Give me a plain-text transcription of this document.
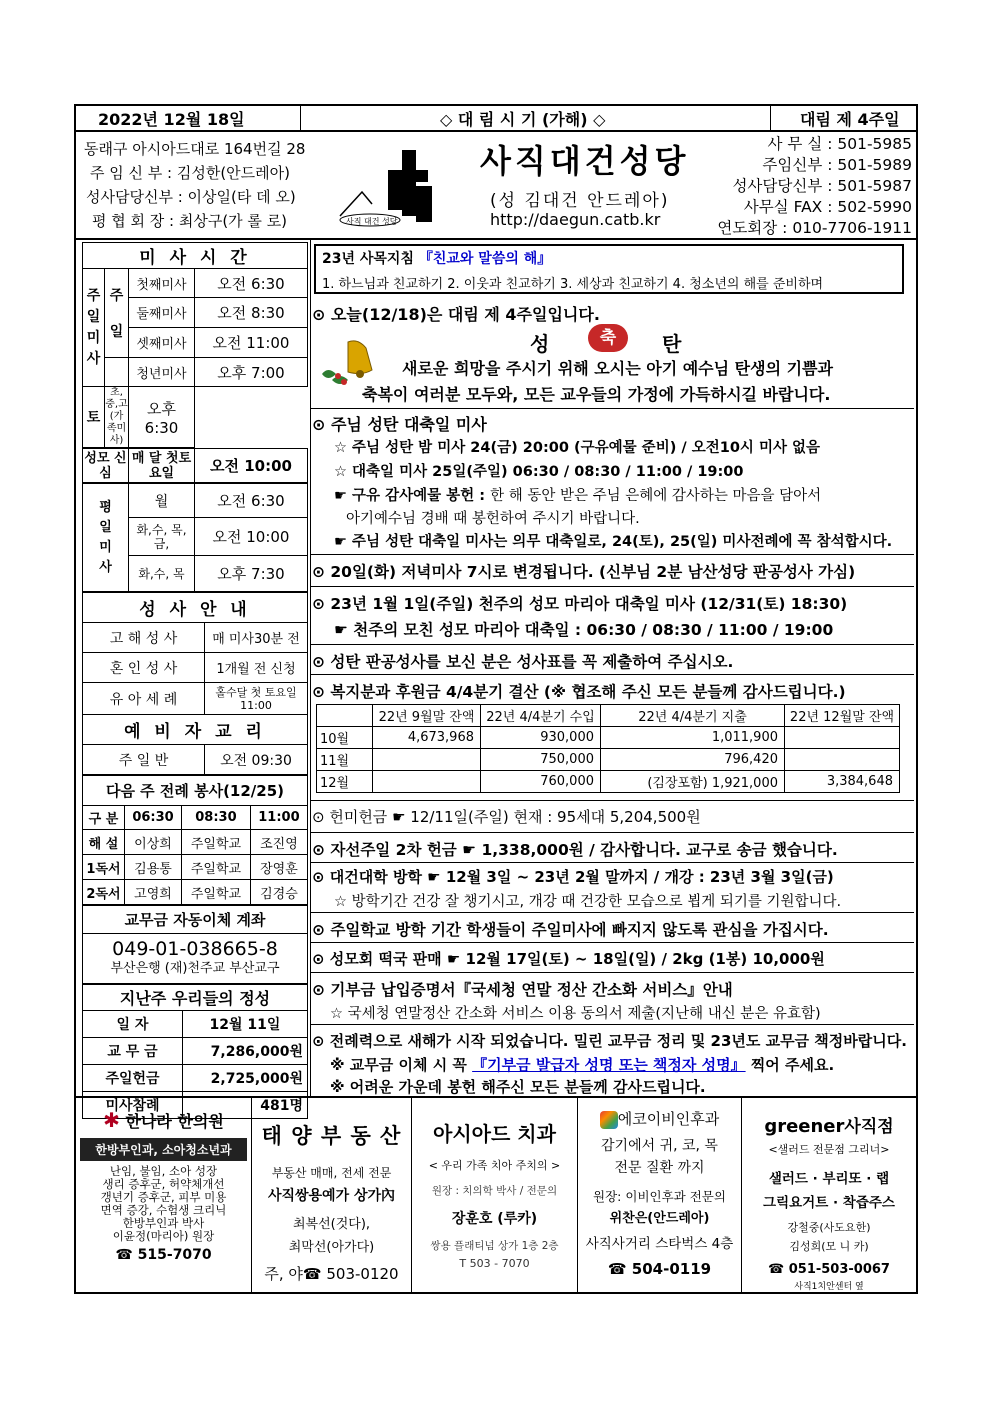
2022년 12월 18일	◇ 대 림 시 기 (가해) ◇	대림 제 4주일
동래구 아시아드대로 164번길 28
주 임 신 부 : 김성한(안드레아)
성사담당신부 : 이상일(타 데 오)
평 협 회 장 : 최상구(가 롤 로)	사직 대건 성당
사직대건성당
(성 김대건 안드레아)
http://daegun.catb.kr
사 무 실 : 501-5985
주임신부 : 501-5989
성사담당신부 : 501-5987
사무실 FAX : 502-5990
연도회장 : 010-7706-1911
미 사 시 간			
주
일
미
사	주

일	첫째미사	오전 6:30
		둘째미사	오전 8:30
		셋째미사	오전 11:00
		청년미사	오후 7:00
토	초,중,고 (가족미사)	오후 6:30	
성모 신심	매 달 첫토요일	오전 10:00
평
일
미
사	월	오전 6:30
	화,수, 목,금,	오전 10:00
	화,수, 목	오후 7:30
성 사 안 내	
고 해 성 사	매 미사30분 전
혼 인 성 사	1개월 전 신청
유 아 세 례	홀수달 첫 토요일 11:00
예 비 자 교 리	
주 일 반	오전 09:30
다음 주 전례 봉사(12/25)			
구 분	06:30	08:30	11:00
해 설	이상희	주일학교	조진영
1독서	김용통	주일학교	장영훈
2독서	고영희	주일학교	김경승
교무금 자동이체 계좌

049-01-038665-8
부산은행 (재)천주교 부산교구
지난주 우리들의 정성	
일 자	12월 11일
교 무 금	7,286,000원
주일헌금	2,725,000원
미사참례	481명
23년 사목지침 『친교와 말씀의 해』
1. 하느님과 친교하기 2. 이웃과 친교하기 3. 세상과 친교하기 4. 청소년의 해를 준비하며
⊙ 오늘(12/18)은 대림 제 4주일입니다.
성	축	탄
새로운 희망을 주시기 위해 오시는 아기 예수님 탄생의 기쁨과
축복이 여러분 모두와, 모든 교우들의 가정에 가득하시길 바랍니다.
⊙ 주님 성탄 대축일 미사
☆ 주님 성탄 밤 미사 24(금) 20:00 (구유예물 준비) / 오전10시 미사 없음
☆ 대축일 미사 25일(주일) 06:30 / 08:30 / 11:00 / 19:00
☛ 구유 감사예물 봉헌 : 한 해 동안 받은 주님 은혜에 감사하는 마음을 담아서
아기예수님 경배 때 봉헌하여 주시기 바랍니다.
☛ 주님 성탄 대축일 미사는 의무 대축일로, 24(토), 25(일) 미사전례에 꼭 참석합시다.
⊙ 20일(화) 저녁미사 7시로 변경됩니다. (신부님 2분 남산성당 판공성사 가심)
⊙ 23년 1월 1일(주일) 천주의 성모 마리아 대축일 미사 (12/31(토) 18:30)
☛ 천주의 모친 성모 마리아 대축일 : 06:30 / 08:30 / 11:00 / 19:00
⊙ 성탄 판공성사를 보신 분은 성사표를 꼭 제출하여 주십시오.
⊙ 복지분과 후원금 4/4분기 결산 (※ 협조해 주신 모든 분들께 감사드립니다.)
	22년 9월말 잔액	22년 4/4분기 수입	22년 4/4분기 지출	22년 12월말 잔액
10월	4,673,968	930,000	1,011,900	
11월		750,000	796,420	
12월		760,000	(김장포함) 1,921,000	3,384,648
⊙ 헌미헌금 ☛ 12/11일(주일) 현재 : 95세대 5,204,500원
⊙ 자선주일 2차 헌금 ☛ 1,338,000원 / 감사합니다. 교구로 송금 했습니다.
⊙ 대건대학 방학 ☛ 12월 3일 ~ 23년 2월 말까지 / 개강 : 23년 3월 3일(금)
☆ 방학기간 건강 잘 챙기시고, 개강 때 건강한 모습으로 뵙게 되기를 기원합니다.
⊙ 주일학교 방학 기간 학생들이 주일미사에 빠지지 않도록 관심을 가집시다.
⊙ 성모회 떡국 판매 ☛ 12월 17일(토) ~ 18일(일) / 2kg (1봉) 10,000원
⊙ 기부금 납입증명서『국세청 연말 정산 간소화 서비스』안내
☆ 국세청 연말정산 간소화 서비스 이용 동의서 제출(지난해 내신 분은 유효함)
⊙ 전례력으로 새해가 시작 되었습니다. 밀린 교무금 정리 및 23년도 교무금 책정바랍니다.
※ 교무금 이체 시 꼭 『기부금 발급자 성명 또는 책정자 성명』 찍어 주세요.
※ 어려운 가운데 봉헌 해주신 모든 분들께 감사드립니다.
✱ 한나라 한의원
한방부인과, 소아청소년과
난임, 불임, 소아 성장
생리 증후군, 허약체개선
갱년기 증후군, 피부 미용
면역 증강, 수험생 크리닉
한방부인과 박사
이윤정(마리아) 원장
☎ 515-7070
태 양 부 동 산
부동산 매매, 전세 전문
사직쌍용예가 상가內
최복선(것다),
최막선(아가다)
주, 야☎ 503-0120
아시아드 치과
< 우리 가족 치아 주치의 >
원장 : 치의학 박사 / 전문의
장훈호 (루카)
쌍용 플래티넘 상가 1층 2층
T 503 - 7070
에코이비인후과
감기에서 귀, 코, 목
전문 질환 까지
원장: 이비인후과 전문의
위찬은(안드레아)
사직사거리 스타벅스 4층
☎ 504-0119
greener사직점
<샐러드 전문점 그리너>
샐러드 · 부리또 · 랩
그릭요거트 · 착즙주스
강철중(사도요한)
김성희(모 니 카)
☎ 051-503-0067
사직1치안센터 옆
